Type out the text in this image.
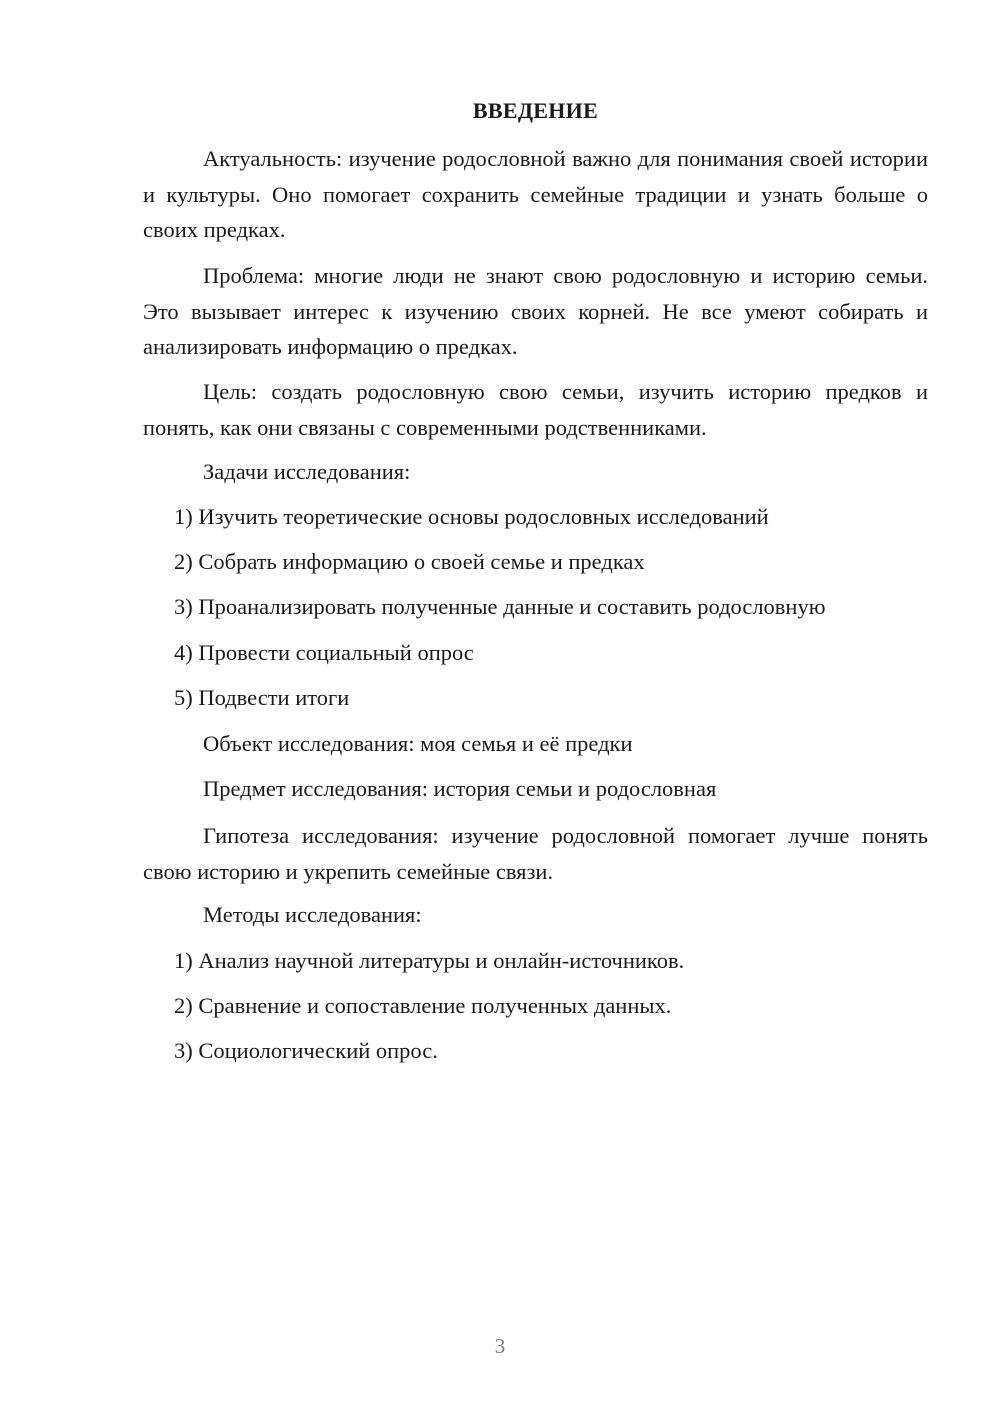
ВВЕДЕНИЕ

Актуальность: изучение родословной важно для понимания своей истории и культуры. Оно помогает сохранить семейные традиции и узнать больше о своих предках.

Проблема: многие люди не знают свою родословную и историю семьи. Это вызывает интерес к изучению своих корней. Не все умеют собирать и анализировать информацию о предках.

Цель: создать родословную свою семьи, изучить историю предков и понять, как они связаны с современными родственниками.

Задачи исследования:

1) Изучить теоретические основы родословных исследований

2) Собрать информацию о своей семье и предках

3) Проанализировать полученные данные и составить родословную

4) Провести социальный опрос

5) Подвести итоги

Объект исследования: моя семья и её предки

Предмет исследования: история семьи и родословная

Гипотеза исследования: изучение родословной помогает лучше понять свою историю и укрепить семейные связи.

Методы исследования:

1) Анализ научной литературы и онлайн-источников.

2) Сравнение и сопоставление полученных данных.

3) Социологический опрос.

3
